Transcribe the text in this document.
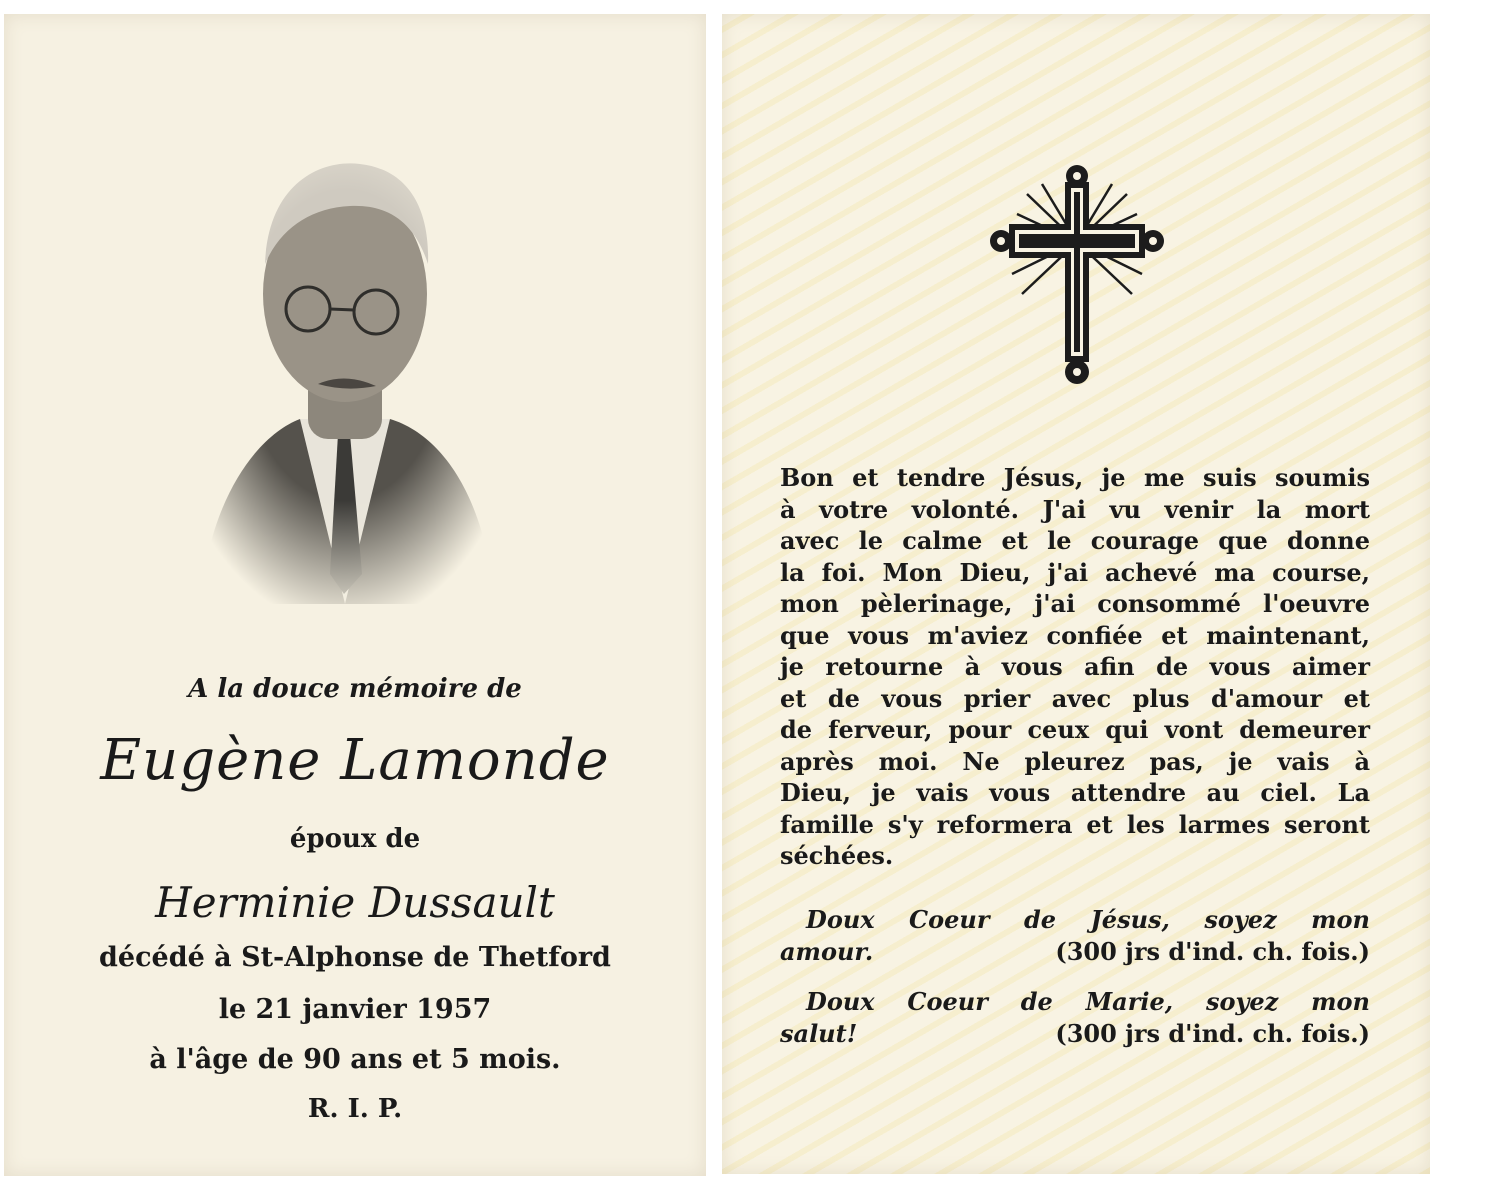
A la douce mémoire de
Eugène Lamonde
époux de
Herminie Dussault
décédé à St-Alphonse de Thetford
le 21 janvier 1957
à l'âge de 90 ans et 5 mois.
R. I. P.
Bon et tendre Jésus, je me suis soumis
à votre volonté. J'ai vu venir la mort
avec le calme et le courage que donne
la foi. Mon Dieu, j'ai achevé ma course,
mon pèlerinage, j'ai consommé l'oeuvre
que vous m'aviez confiée et maintenant,
je retourne à vous afin de vous aimer
et de vous prier avec plus d'amour et
de ferveur, pour ceux qui vont demeurer
après moi. Ne pleurez pas, je vais à
Dieu, je vais vous attendre au ciel. La
famille s'y reformera et les larmes seront
séchées.
Doux Coeur de Jésus, soyez mon
amour.	(300 jrs d'ind. ch. fois.)
Doux Coeur de Marie, soyez mon
salut!	(300 jrs d'ind. ch. fois.)
